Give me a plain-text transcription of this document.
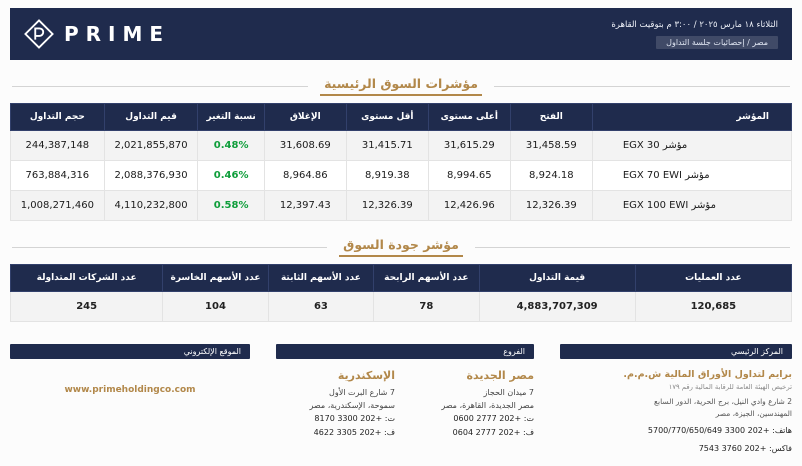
PRIME	الثلاثاء ١٨ مارس ٢٠٢٥ / ٣:٠٠ م بتوقيت القاهرة
مصر / إحصائيات جلسة التداول
مؤشرات السوق الرئيسية
حجم التداول	قيم التداول	نسبة التغير	الإغلاق	أقل مستوى	أعلى مستوى	الفتح	المؤشر
244,387,148	2,021,855,870	0.48%	31,608.69	31,415.71	31,615.29	31,458.59	مؤشر EGX 30
763,884,316	2,088,376,930	0.46%	8,964.86	8,919.38	8,994.65	8,924.18	مؤشر EGX 70 EWI
1,008,271,460	4,110,232,800	0.58%	12,397.43	12,326.39	12,426.96	12,326.39	مؤشر EGX 100 EWI
مؤشر جودة السوق
عدد الشركات المتداولة	عدد الأسهم الخاسرة	عدد الأسهم الثابتة	عدد الأسهم الرابحة	قيمة التداول	عدد العمليات
245	104	63	78	4,883,707,309	120,685
الموقع الإلكتروني
www.primeholdingco.com
الفروع
مصر الجديدة
7 ميدان الحجاز
مصر الجديدة، القاهرة، مصر
ت: +202 2777 0600
ف: +202 2777 0604
الإسكندرية
7 شارع البرت الأول
سموحة، الإسكندرية، مصر
ت: +202 3300 8170
ف: +202 3305 4622
المركز الرئيسي
برايم لتداول الأوراق المالية ش.م.م.
ترخيص الهيئة العامة للرقابة المالية رقم ١٧٩
2 شارع وادي النيل، برج الحرية، الدور السابع
المهندسين، الجيزة، مصر
هاتف: +202 3300 5700/770/650/649
فاكس: +202 3760 7543
